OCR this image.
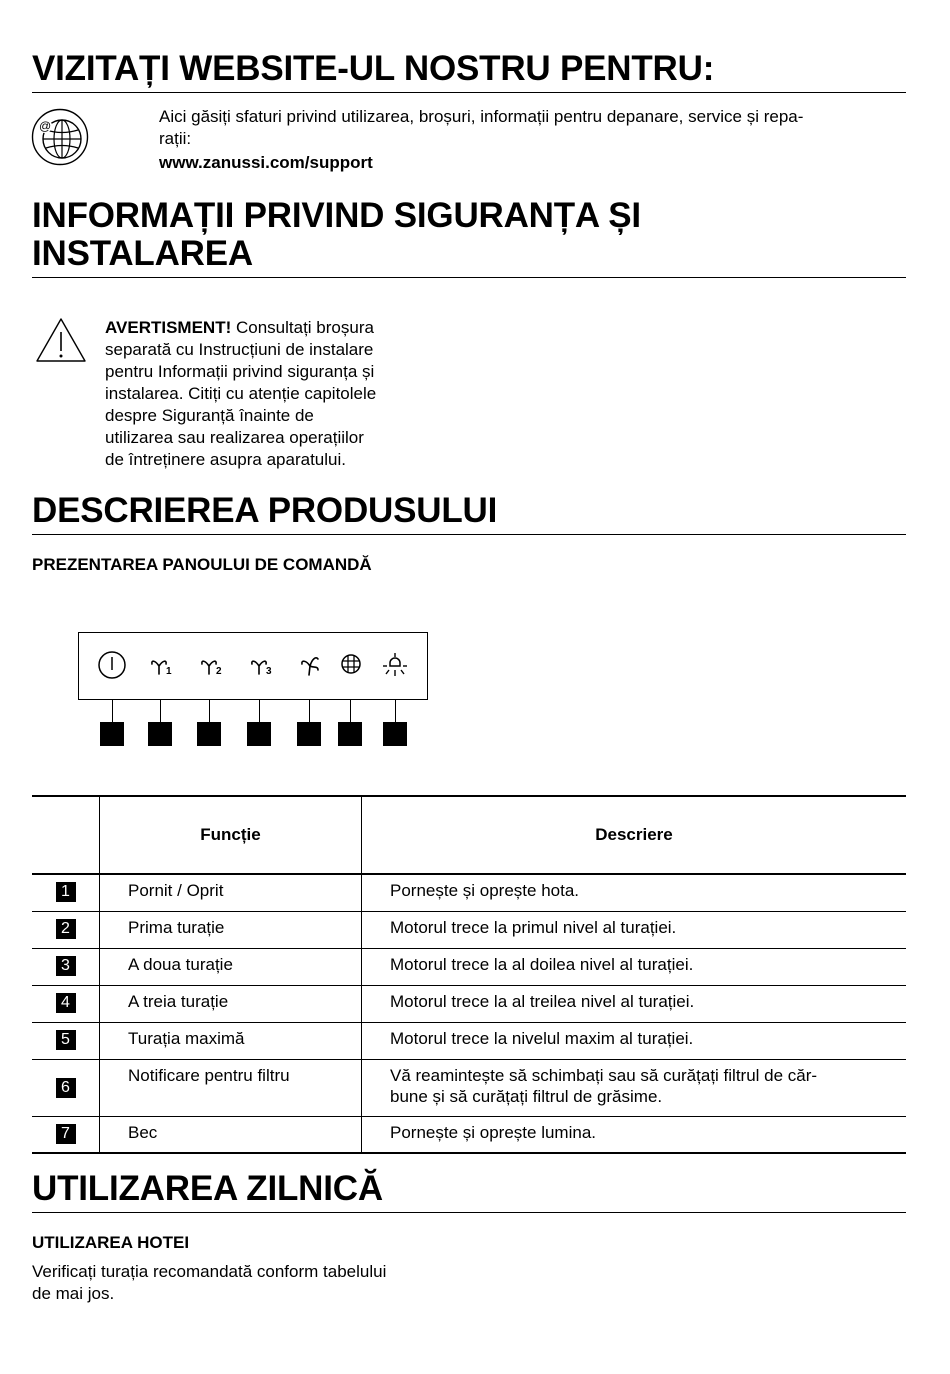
VIZITAȚI WEBSITE-UL NOSTRU PENTRU:
@	Aici găsiți sfaturi privind utilizarea, broșuri, informații pentru depanare, service și repa-
rații:
www.zanussi.com/support
INFORMAȚII PRIVIND SIGURANȚA ȘI
INSTALAREA
AVERTISMENT! Consultați broșura
separată cu Instrucțiuni de instalare
pentru Informații privind siguranța și
instalarea. Citiți cu atenție capitolele
despre Siguranță înainte de
utilizarea sau realizarea operațiilor
de întreținere asupra aparatului.
DESCRIEREA PRODUSULUI
PREZENTAREA PANOULUI DE COMANDĂ
1	2	3
	Funcție	Descriere
1	Pornit / Oprit	Pornește și oprește hota.

2	Prima turație	Motorul trece la primul nivel al turației.

3	A doua turație	Motorul trece la al doilea nivel al turației.

4	A treia turație	Motorul trece la al treilea nivel al turației.

5	Turația maximă	Motorul trece la nivelul maxim al turației.

6	Notificare pentru filtru	Vă reamintește să schimbați sau să curățați filtrul de căr-
bune și să curățați filtrul de grăsime.

7	Bec	Pornește și oprește lumina.
UTILIZAREA ZILNICĂ
UTILIZAREA HOTEI
Verificați turația recomandată conform tabelului
de mai jos.
